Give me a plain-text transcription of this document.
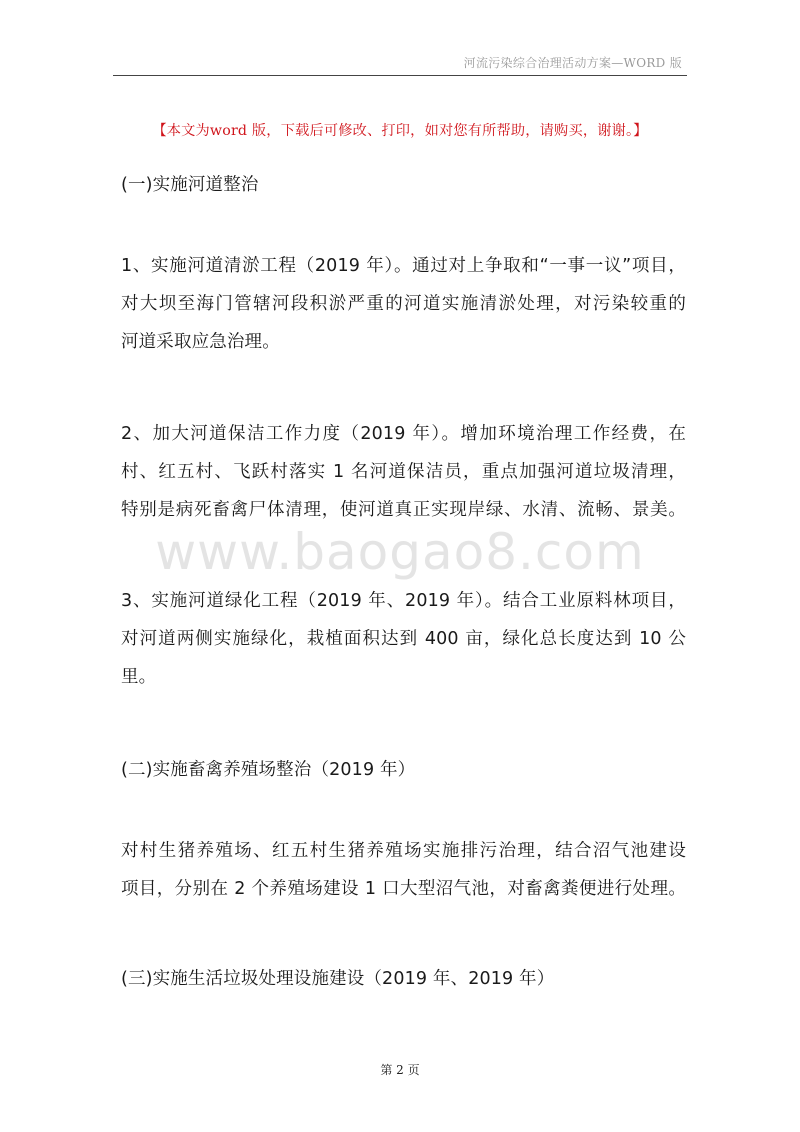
河流污染综合治理活动方案—WORD 版
【本文为word 版，下载后可修改、打印，如对您有所帮助，请购买，谢谢。】
www.baogao8.com
(一)实施河道整治
1、实施河道清淤工程（2019 年）。通过对上争取和“一事一议”项目，
对大坝至海门管辖河段积淤严重的河道实施清淤处理，对污染较重的
河道采取应急治理。
2、加大河道保洁工作力度（2019 年）。增加环境治理工作经费，在
村、红五村、飞跃村落实 1 名河道保洁员，重点加强河道垃圾清理，
特别是病死畜禽尸体清理，使河道真正实现岸绿、水清、流畅、景美。
3、实施河道绿化工程（2019 年、2019 年）。结合工业原料林项目，
对河道两侧实施绿化，栽植面积达到 400 亩，绿化总长度达到 10 公
里。
(二)实施畜禽养殖场整治（2019 年）
对村生猪养殖场、红五村生猪养殖场实施排污治理，结合沼气池建设
项目，分别在 2 个养殖场建设 1 口大型沼气池，对畜禽粪便进行处理。
(三)实施生活垃圾处理设施建设（2019 年、2019 年）
第 2 页
